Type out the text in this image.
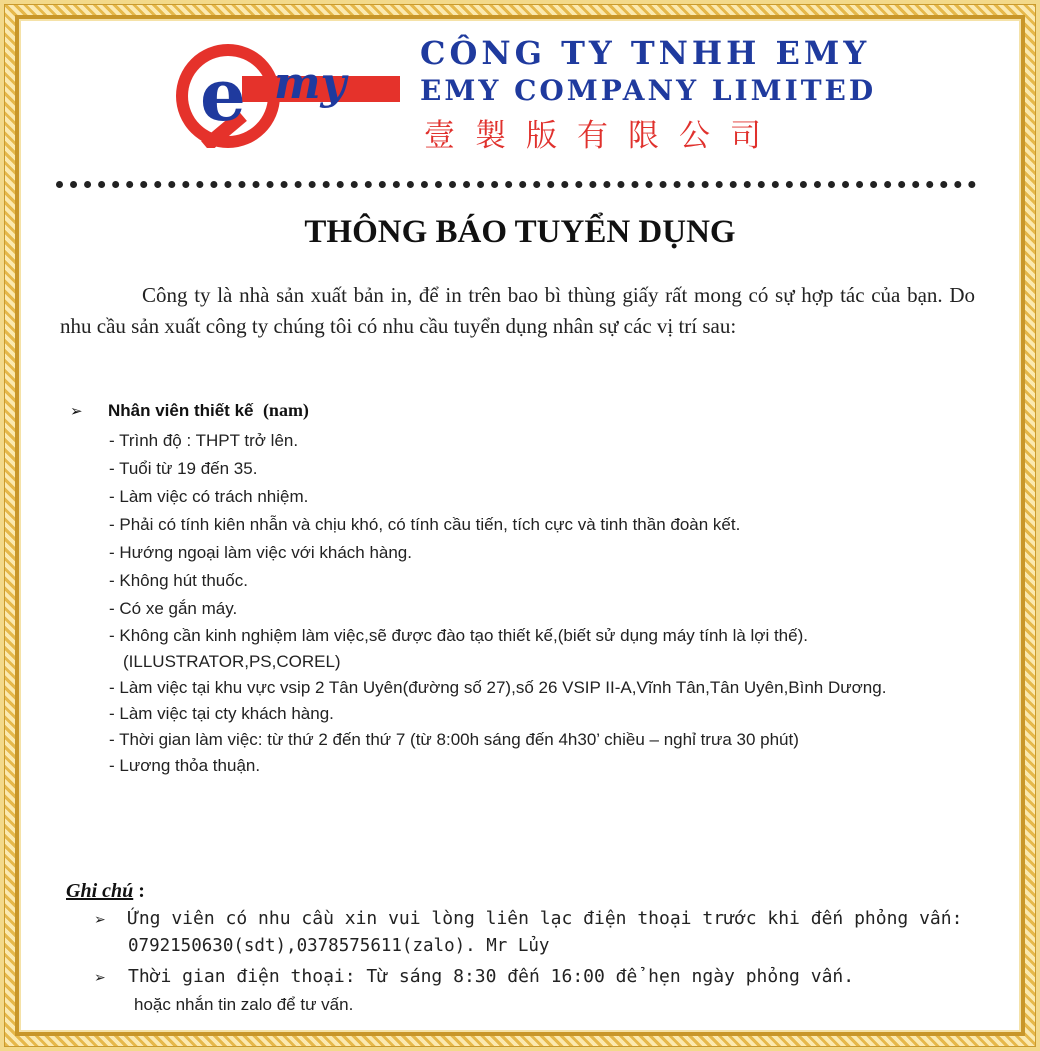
e my
CÔNG TY TNHH EMY
EMY COMPANY LIMITED
壹製版有限公司
THÔNG BÁO TUYỂN DỤNG
Công ty là nhà sản xuất bản in, để in trên bao bì thùng giấy rất mong có sự hợp tác của bạn. Do nhu cầu sản xuất công ty chúng tôi có nhu cầu tuyển dụng nhân sự các vị trí sau:
➢ Nhân viên thiết kế (nam)
- Trình độ : THPT trở lên.
- Tuổi từ 19 đến 35.
- Làm việc có trách nhiệm.
- Phải có tính kiên nhẫn và chịu khó, có tính cầu tiến, tích cực và tinh thần đoàn kết.
- Hướng ngoại làm việc với khách hàng.
- Không hút thuốc.
- Có xe gắn máy.
- Không cần kinh nghiệm làm việc,sẽ được đào tạo thiết kế,(biết sử dụng máy tính là lợi thế).
(ILLUSTRATOR,PS,COREL)
- Làm việc tại khu vực vsip 2 Tân Uyên(đường số 27),số 26 VSIP II-A,Vĩnh Tân,Tân Uyên,Bình Dương.
- Làm việc tại cty khách hàng.
- Thời gian làm việc: từ thứ 2 đến thứ 7 (từ 8:00h sáng đến 4h30’ chiều – nghỉ trưa 30 phút)
- Lương thỏa thuận.
Ghi chú :
➢ Ứng viên có nhu cầu xin vui lòng liên lạc điện thoại trước khi đến phỏng vấn:
0792150630(sdt),0378575611(zalo). Mr Lủy
➢ Thời gian điện thoại: Từ sáng 8:30 đến 16:00 để hẹn ngày phỏng vấn.
hoặc nhắn tin zalo để tư vấn.
